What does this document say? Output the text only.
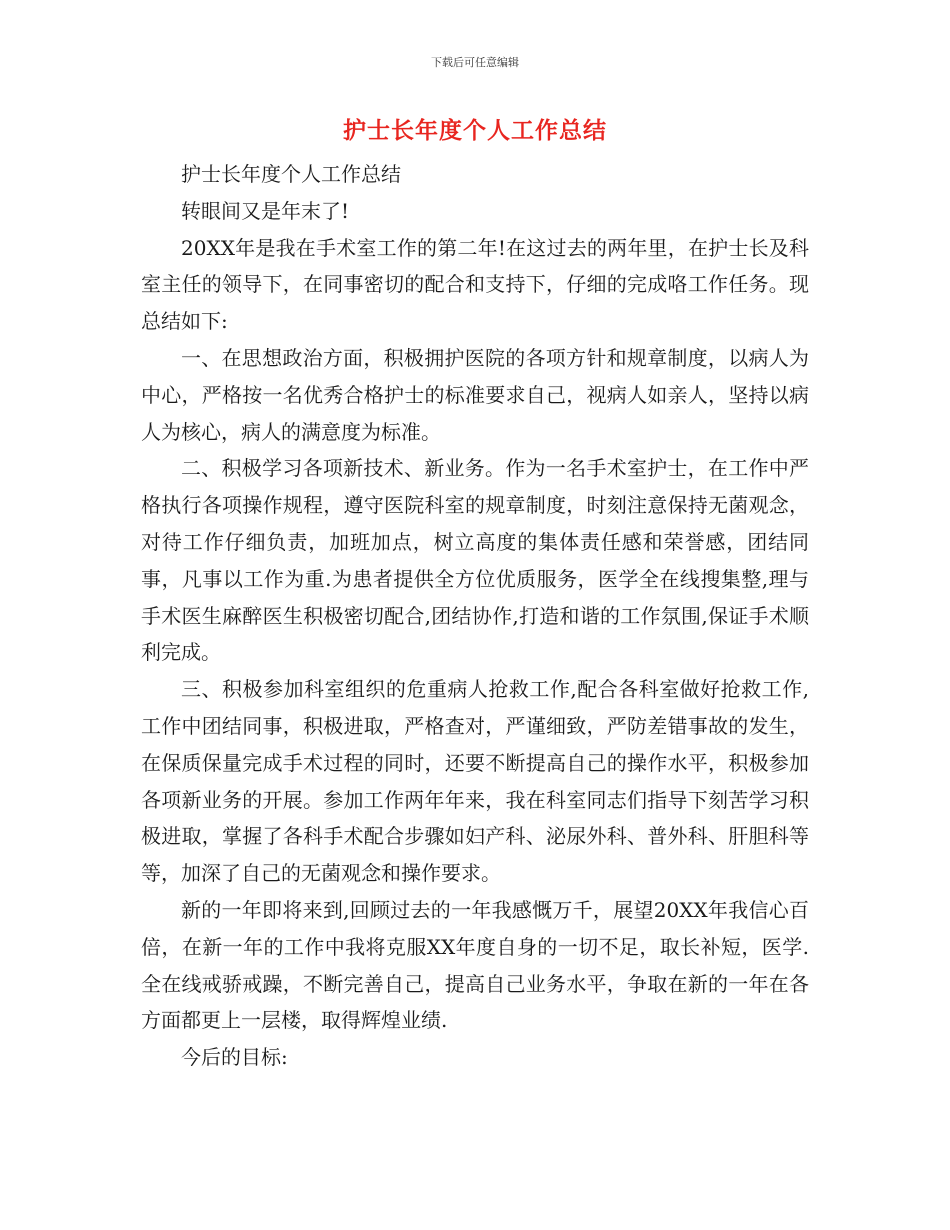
下载后可任意编辑
护士长年度个人工作总结

护士长年度个人工作总结

转眼间又是年末了!

20XX年是我在手术室工作的第二年!在这过去的两年里，在护士长及科室主任的领导下，在同事密切的配合和支持下，仔细的完成咯工作任务。现总结如下:

一、在思想政治方面，积极拥护医院的各项方针和规章制度，以病人为中心，严格按一名优秀合格护士的标准要求自己，视病人如亲人，坚持以病人为核心，病人的满意度为标准。

二、积极学习各项新技术、新业务。作为一名手术室护士，在工作中严格执行各项操作规程，遵守医院科室的规章制度，时刻注意保持无菌观念，对待工作仔细负责，加班加点，树立高度的集体责任感和荣誉感，团结同事，凡事以工作为重.为患者提供全方位优质服务，医学全在线搜集整,理与手术医生麻醉医生积极密切配合,团结协作,打造和谐的工作氛围,保证手术顺利完成。

三、积极参加科室组织的危重病人抢救工作,配合各科室做好抢救工作,工作中团结同事，积极进取，严格查对，严谨细致，严防差错事故的发生，在保质保量完成手术过程的同时，还要不断提高自己的操作水平，积极参加各项新业务的开展。参加工作两年年来，我在科室同志们指导下刻苦学习积极进取，掌握了各科手术配合步骤如妇产科、泌尿外科、普外科、肝胆科等等，加深了自己的无菌观念和操作要求。

新的一年即将来到,回顾过去的一年我感慨万千，展望20XX年我信心百倍，在新一年的工作中我将克服XX年度自身的一切不足，取长补短，医学.全在线戒骄戒躁，不断完善自己，提高自己业务水平，争取在新的一年在各方面都更上一层楼，取得辉煌业绩.

今后的目标:
